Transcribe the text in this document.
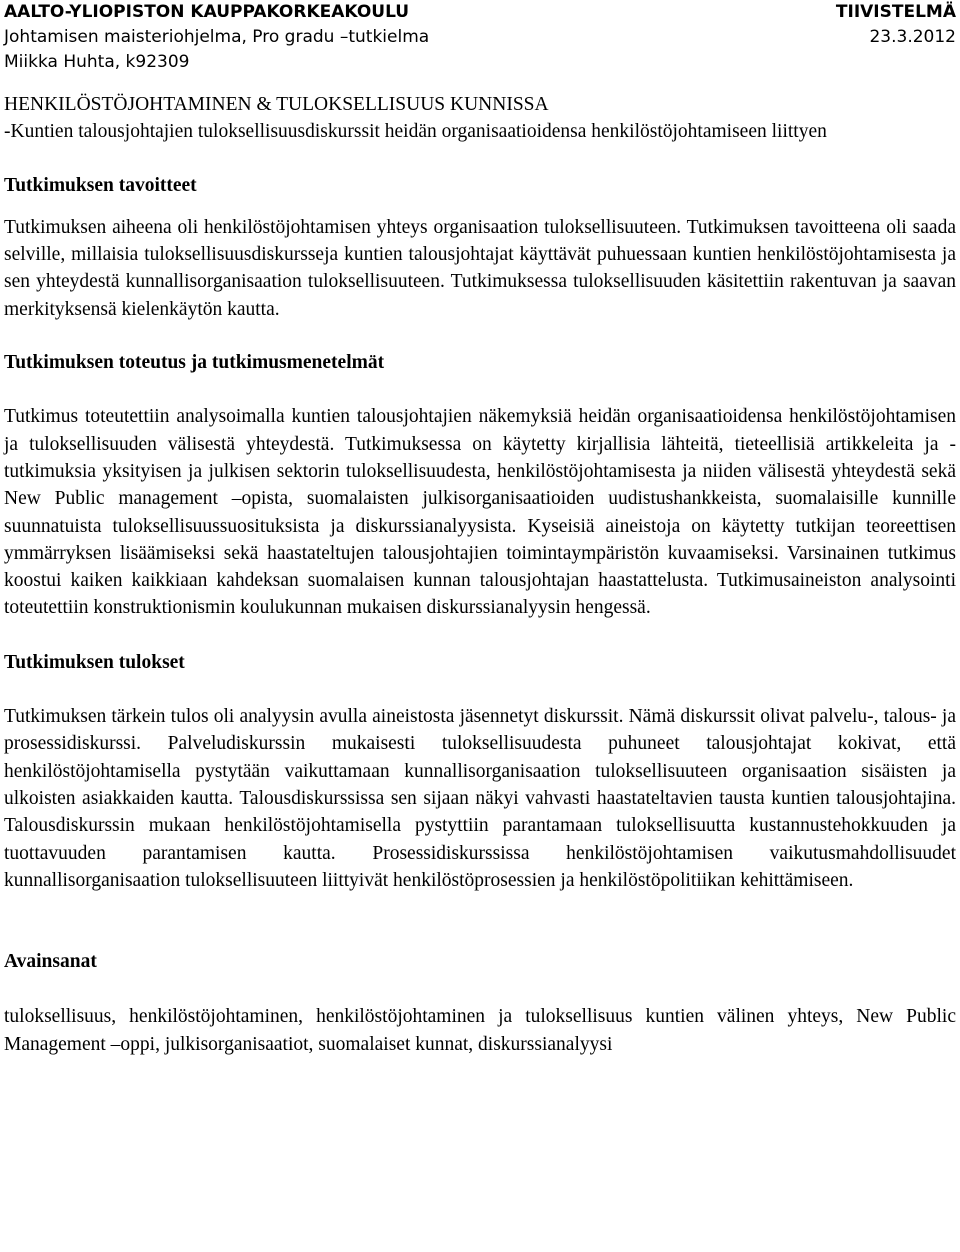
AALTO-YLIOPISTON KAUPPAKORKEAKOULU	TIIVISTELMÄ
Johtamisen maisteriohjelma, Pro gradu –tutkielma	23.3.2012
Miikka Huhta, k92309
HENKILÖSTÖJOHTAMINEN & TULOKSELLISUUS KUNNISSA

-Kuntien talousjohtajien tuloksellisuusdiskurssit heidän organisaatioidensa henkilöstöjohtamiseen liittyen

Tutkimuksen tavoitteet

Tutkimuksen aiheena oli henkilöstöjohtamisen yhteys organisaation tuloksellisuuteen. Tutkimuksen tavoitteena oli saada selville, millaisia tuloksellisuusdiskursseja kuntien talousjohtajat käyttävät puhuessaan kuntien henkilöstöjohtamisesta ja sen yhteydestä kunnallisorganisaation tuloksellisuuteen. Tutkimuksessa tuloksellisuuden käsitettiin rakentuvan ja saavan merkityksensä kielenkäytön kautta.

Tutkimuksen toteutus ja tutkimusmenetelmät

Tutkimus toteutettiin analysoimalla kuntien talousjohtajien näkemyksiä heidän organisaatioidensa henkilöstöjohtamisen ja tuloksellisuuden välisestä yhteydestä. Tutkimuksessa on käytetty kirjallisia lähteitä, tieteellisiä artikkeleita ja - tutkimuksia yksityisen ja julkisen sektorin tuloksellisuudesta, henkilöstöjohtamisesta ja niiden välisestä yhteydestä sekä New Public management –opista, suomalaisten julkisorganisaatioiden uudistushankkeista, suomalaisille kunnille suunnatuista tuloksellisuussuosituksista ja diskurssianalyysista. Kyseisiä aineistoja on käytetty tutkijan teoreettisen ymmärryksen lisäämiseksi sekä haastateltujen talousjohtajien toimintaympäristön kuvaamiseksi. Varsinainen tutkimus koostui kaiken kaikkiaan kahdeksan suomalaisen kunnan talousjohtajan haastattelusta. Tutkimusaineiston analysointi toteutettiin konstruktionismin koulukunnan mukaisen diskurssianalyysin hengessä.

Tutkimuksen tulokset

Tutkimuksen tärkein tulos oli analyysin avulla aineistosta jäsennetyt diskurssit. Nämä diskurssit olivat palvelu-, talous- ja prosessidiskurssi. Palveludiskurssin mukaisesti tuloksellisuudesta puhuneet talousjohtajat kokivat, että henkilöstöjohtamisella pystytään vaikuttamaan kunnallisorganisaation tuloksellisuuteen organisaation sisäisten ja ulkoisten asiakkaiden kautta. Talousdiskurssissa sen sijaan näkyi vahvasti haastateltavien tausta kuntien talousjohtajina. Talousdiskurssin mukaan henkilöstöjohtamisella pystyttiin parantamaan tuloksellisuutta kustannustehokkuuden ja tuottavuuden parantamisen kautta. Prosessidiskurssissa henkilöstöjohtamisen vaikutusmahdollisuudet kunnallisorganisaation tuloksellisuuteen liittyivät henkilöstöprosessien ja henkilöstöpolitiikan kehittämiseen.

Avainsanat

tuloksellisuus, henkilöstöjohtaminen, henkilöstöjohtaminen ja tuloksellisuus kuntien välinen yhteys, New Public Management –oppi, julkisorganisaatiot, suomalaiset kunnat, diskurssianalyysi
